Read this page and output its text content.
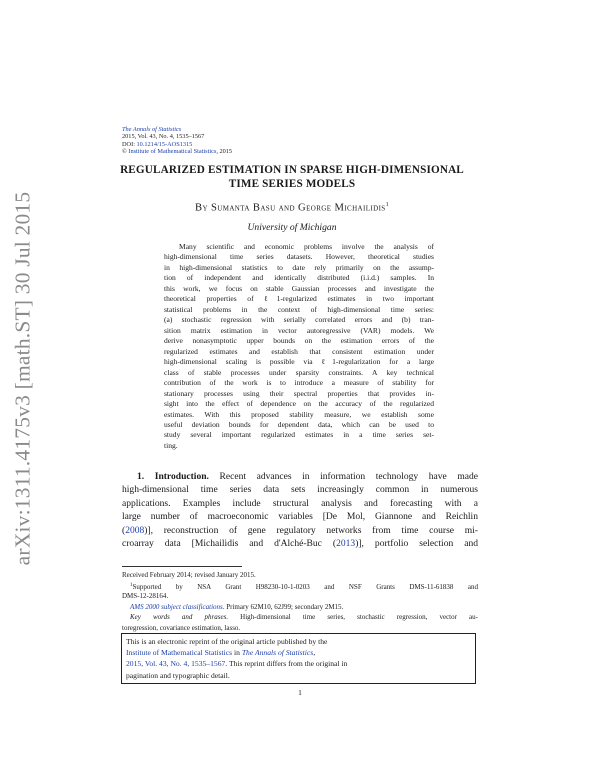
arXiv:1311.4175v3 [math.ST] 30 Jul 2015
The Annals of Statistics
2015, Vol. 43, No. 4, 1535–1567
DOI: 10.1214/15-AOS1315
© Institute of Mathematical Statistics, 2015
REGULARIZED ESTIMATION IN SPARSE HIGH-DIMENSIONAL
TIME SERIES MODELS
By Sumanta Basu and George Michailidis$^1$
University of Michigan
Many scientific and economic problems involve the analysis of
high-dimensional time series datasets. However, theoretical studies
in high-dimensional statistics to date rely primarily on the assump-
tion of independent and identically distributed (i.i.d.) samples. In
this work, we focus on stable Gaussian processes and investigate the
theoretical properties of ℓ1-regularized estimates in two important
statistical problems in the context of high-dimensional time series:
(a) stochastic regression with serially correlated errors and (b) tran-
sition matrix estimation in vector autoregressive (VAR) models. We
derive nonasymptotic upper bounds on the estimation errors of the
regularized estimates and establish that consistent estimation under
high-dimensional scaling is possible via ℓ1-regularization for a large
class of stable processes under sparsity constraints. A key technical
contribution of the work is to introduce a measure of stability for
stationary processes using their spectral properties that provides in-
sight into the effect of dependence on the accuracy of the regularized
estimates. With this proposed stability measure, we establish some
useful deviation bounds for dependent data, which can be used to
study several important regularized estimates in a time series set-
ting.
1. Introduction. Recent advances in information technology have made
high-dimensional time series data sets increasingly common in numerous
applications. Examples include structural analysis and forecasting with a
large number of macroeconomic variables [De Mol, Giannone and Reichlin
(2008)], reconstruction of gene regulatory networks from time course mi-
croarray data [Michailidis and d'Alché-Buc (2013)], portfolio selection and
Received February 2014; revised January 2015.
$^1$Supported by NSA Grant H98230-10-1-0203 and NSF Grants DMS-11-61838 and
DMS-12-28164.
AMS 2000 subject classifications. Primary 62M10, 62J99; secondary 2M15.
Key words and phrases. High-dimensional time series, stochastic regression, vector au-
toregression, covariance estimation, lasso.
This is an electronic reprint of the original article published by the
Institute of Mathematical Statistics in The Annals of Statistics,
2015, Vol. 43, No. 4, 1535–1567. This reprint differs from the original in
pagination and typographic detail.
1
